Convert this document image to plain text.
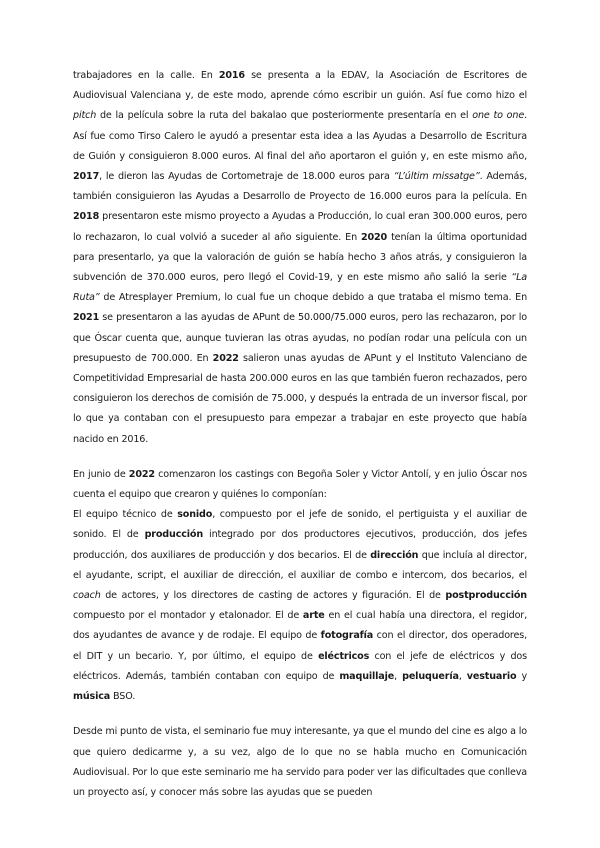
trabajadores en la calle. En 2016 se presenta a la EDAV, la Asociación de Escritores de Audiovisual Valenciana y, de este modo, aprende cómo escribir un guión. Así fue como hizo el pitch de la película sobre la ruta del bakalao que posteriormente presentaría en el one to one. Así fue como Tirso Calero le ayudó a presentar esta idea a las Ayudas a Desarrollo de Escritura de Guión y consiguieron 8.000 euros. Al final del año aportaron el guión y, en este mismo año, 2017, le dieron las Ayudas de Cortometraje de 18.000 euros para “L’últim missatge”. Además, también consiguieron las Ayudas a Desarrollo de Proyecto de 16.000 euros para la película. En 2018 presentaron este mismo proyecto a Ayudas a Producción, lo cual eran 300.000 euros, pero lo rechazaron, lo cual volvió a suceder al año siguiente. En 2020 tenían la última oportunidad para presentarlo, ya que la valoración de guión se había hecho 3 años atrás, y consiguieron la subvención de 370.000 euros, pero llegó el Covid-19, y en este mismo año salió la serie “La Ruta” de Atresplayer Premium, lo cual fue un choque debido a que trataba el mismo tema. En 2021 se presentaron a las ayudas de APunt de 50.000/75.000 euros, pero las rechazaron, por lo que Óscar cuenta que, aunque tuvieran las otras ayudas, no podían rodar una película con un presupuesto de 700.000. En 2022 salieron unas ayudas de APunt y el Instituto Valenciano de Competitividad Empresarial de hasta 200.000 euros en las que también fueron rechazados, pero consiguieron los derechos de comisión de 75.000, y después la entrada de un inversor fiscal, por lo que ya contaban con el presupuesto para empezar a trabajar en este proyecto que había nacido en 2016.

En junio de 2022 comenzaron los castings con Begoña Soler y Victor Antolí, y en julio Óscar nos cuenta el equipo que crearon y quiénes lo componían:

El equipo técnico de sonido, compuesto por el jefe de sonido, el pertiguista y el auxiliar de sonido. El de producción integrado por dos productores ejecutivos, producción, dos jefes producción, dos auxiliares de producción y dos becarios. El de dirección que incluía al director, el ayudante, script, el auxiliar de dirección, el auxiliar de combo e intercom, dos becarios, el coach de actores, y los directores de casting de actores y figuración. El de postproducción compuesto por el montador y etalonador. El de arte en el cual había una directora, el regidor, dos ayudantes de avance y de rodaje. El equipo de fotografía con el director, dos operadores, el DIT y un becario. Y, por último, el equipo de eléctricos con el jefe de eléctricos y dos eléctricos. Además, también contaban con equipo de maquillaje, peluquería, vestuario y música BSO.

Desde mi punto de vista, el seminario fue muy interesante, ya que el mundo del cine es algo a lo que quiero dedicarme y, a su vez, algo de lo que no se habla mucho en Comunicación Audiovisual. Por lo que este seminario me ha servido para poder ver las dificultades que conlleva un proyecto así, y conocer más sobre las ayudas que se pueden
